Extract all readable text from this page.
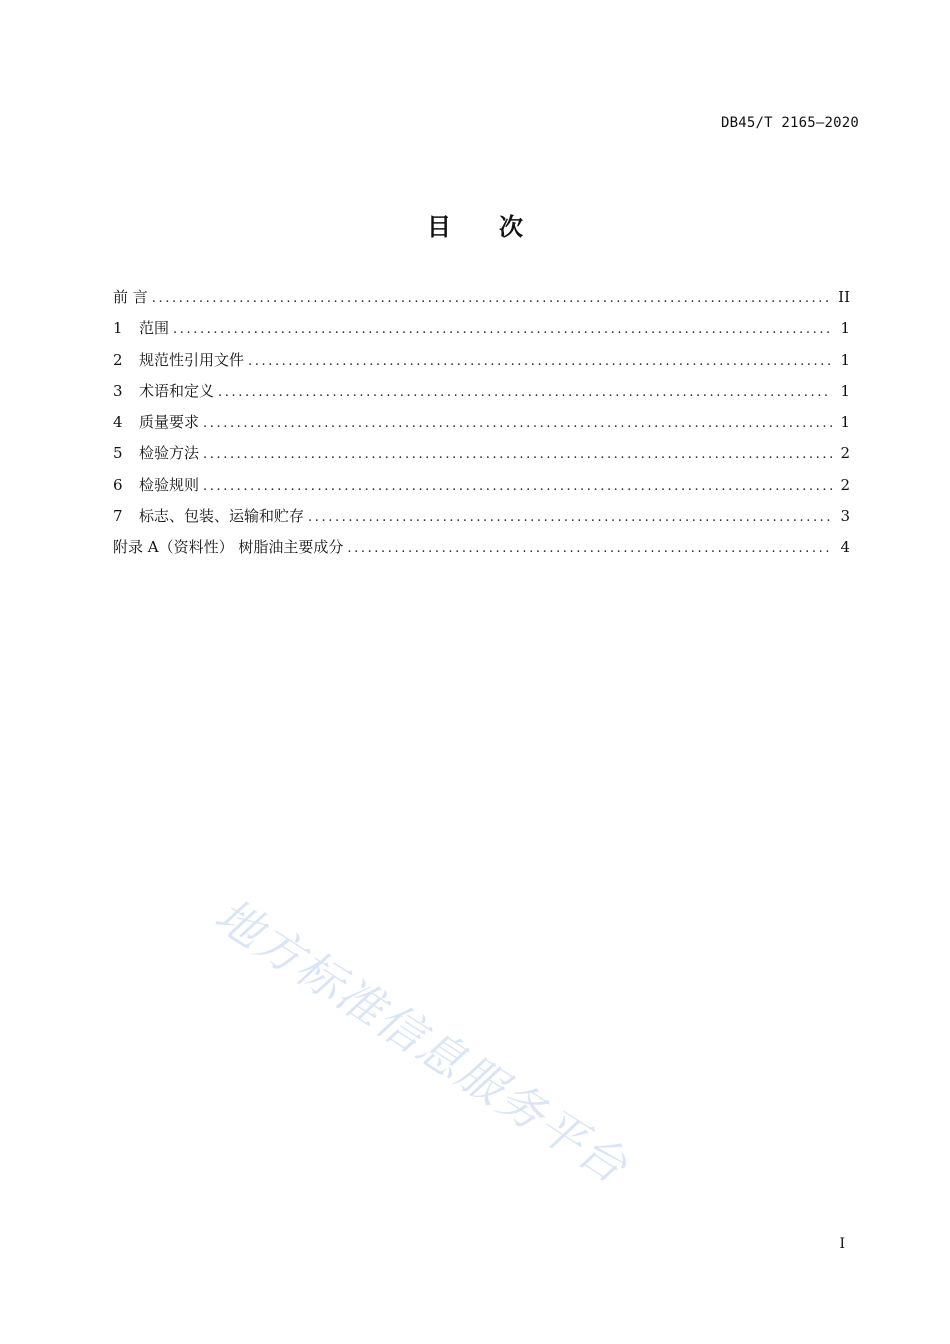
DB45/T 2165—2020
目 次
前 言 .....	II
1	范围 .....	1
2	规范性引用文件 .....	1
3	术语和定义 .....	1
4	质量要求 .....	1
5	检验方法 .....	2
6	检验规则 .....	2
7	标志、包装、运输和贮存 .....	3
附录 A（资料性） 树脂油主要成分 .....	4
地方标准信息服务平台
I
